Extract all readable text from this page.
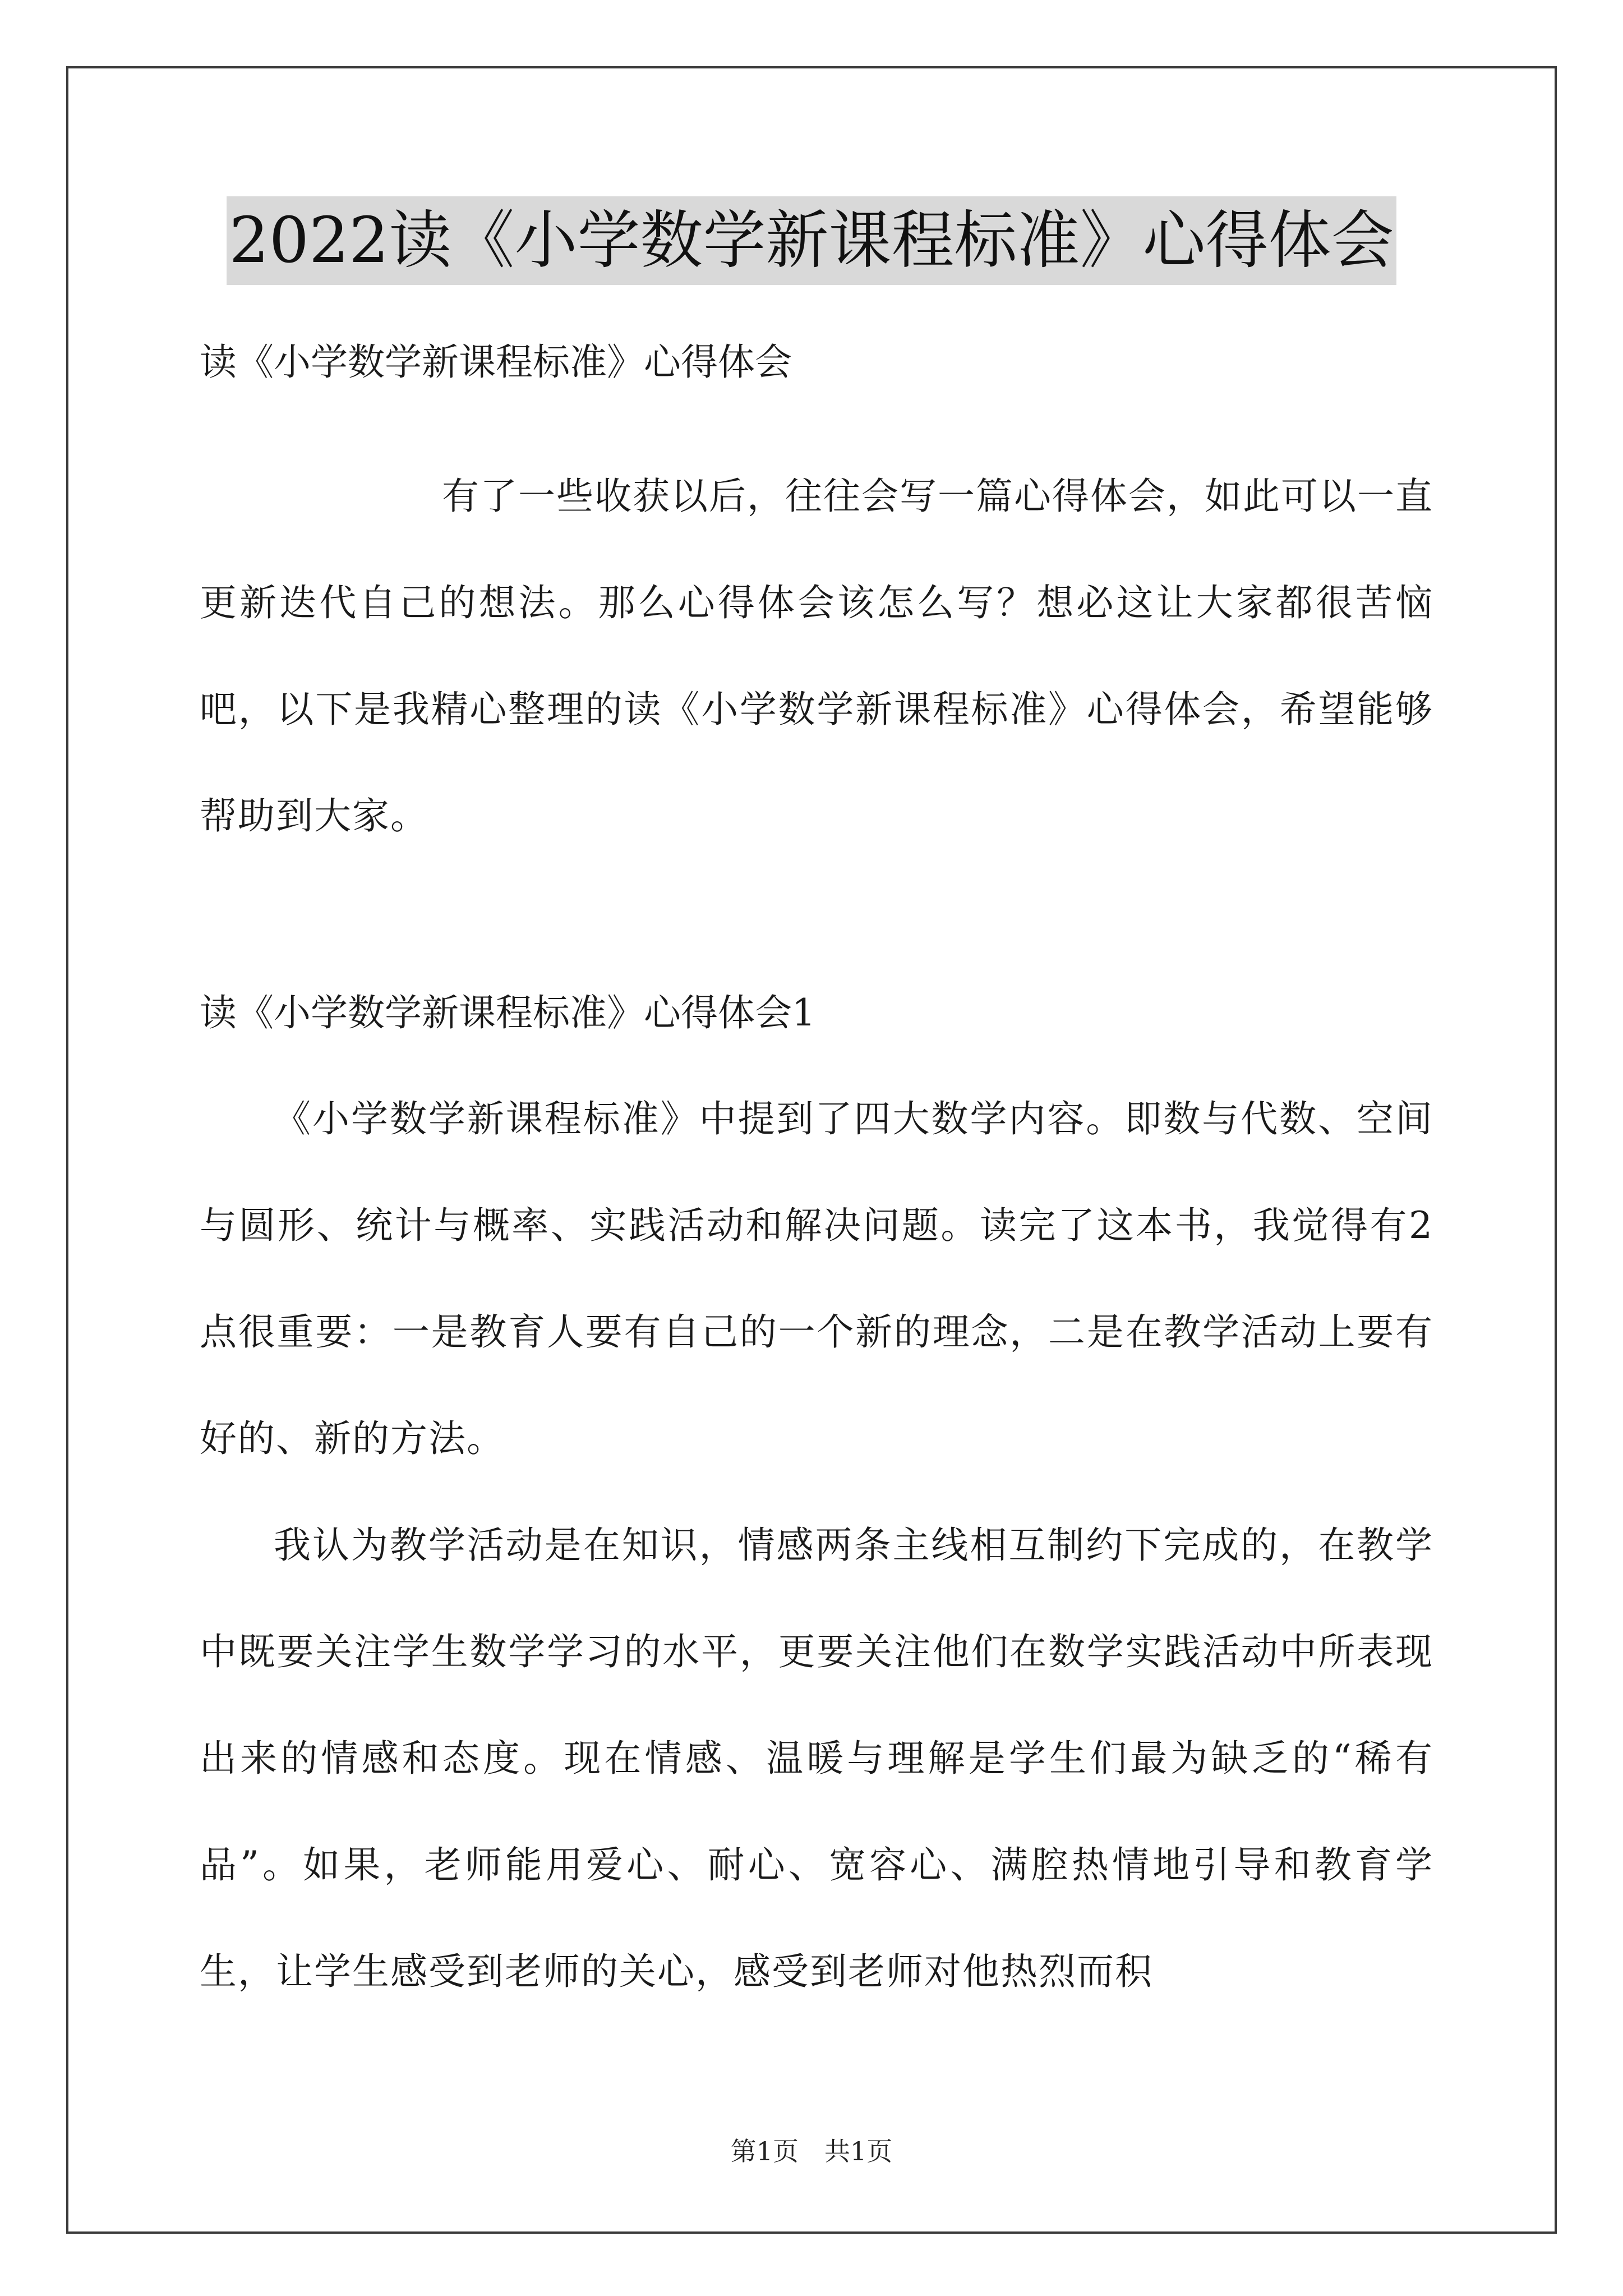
2022读《小学数学新课程标准》心得体会

读《小学数学新课程标准》心得体会

有了一些收获以后，往往会写一篇心得体会，如此可以一直更新迭代自己的想法。那么心得体会该怎么写？想必这让大家都很苦恼吧，以下是我精心整理的读《小学数学新课程标准》心得体会，希望能够帮助到大家。

读《小学数学新课程标准》心得体会1

《小学数学新课程标准》中提到了四大数学内容。即数与代数、空间与圆形、统计与概率、实践活动和解决问题。读完了这本书，我觉得有2点很重要：一是教育人要有自己的一个新的理念，二是在教学活动上要有好的、新的方法。

我认为教学活动是在知识，情感两条主线相互制约下完成的，在教学中既要关注学生数学学习的水平，更要关注他们在数学实践活动中所表现出来的情感和态度。现在情感、温暖与理解是学生们最为缺乏的“稀有品”。如果，老师能用爱心、耐心、宽容心、满腔热情地引导和教育学生，让学生感受到老师的关心，感受到老师对他热烈而积

第1页 共1页
